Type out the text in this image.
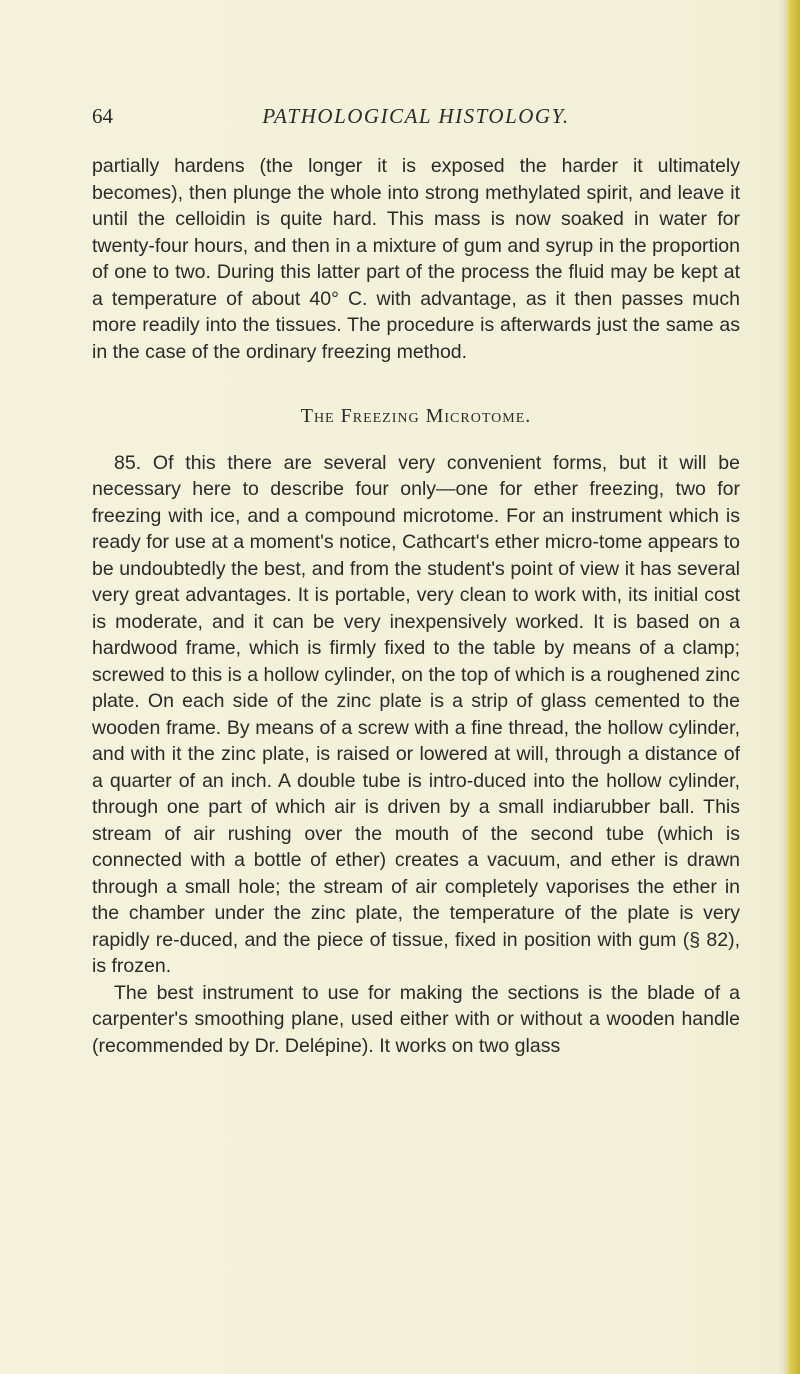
64	PATHOLOGICAL HISTOLOGY.

partially hardens (the longer it is exposed the harder it ultimately becomes), then plunge the whole into strong methylated spirit, and leave it until the celloidin is quite hard. This mass is now soaked in water for twenty-four hours, and then in a mixture of gum and syrup in the proportion of one to two. During this latter part of the process the fluid may be kept at a temperature of about 40° C. with advantage, as it then passes much more readily into the tissues. The procedure is afterwards just the same as in the case of the ordinary freezing method.

The Freezing Microtome.

85. Of this there are several very convenient forms, but it will be necessary here to describe four only—one for ether freezing, two for freezing with ice, and a compound microtome. For an instrument which is ready for use at a moment's notice, Cathcart's ether micro-tome appears to be undoubtedly the best, and from the student's point of view it has several very great advantages. It is portable, very clean to work with, its initial cost is moderate, and it can be very inexpensively worked. It is based on a hardwood frame, which is firmly fixed to the table by means of a clamp; screwed to this is a hollow cylinder, on the top of which is a roughened zinc plate. On each side of the zinc plate is a strip of glass cemented to the wooden frame. By means of a screw with a fine thread, the hollow cylinder, and with it the zinc plate, is raised or lowered at will, through a distance of a quarter of an inch. A double tube is intro-duced into the hollow cylinder, through one part of which air is driven by a small indiarubber ball. This stream of air rushing over the mouth of the second tube (which is connected with a bottle of ether) creates a vacuum, and ether is drawn through a small hole; the stream of air completely vaporises the ether in the chamber under the zinc plate, the temperature of the plate is very rapidly re-duced, and the piece of tissue, fixed in position with gum (§ 82), is frozen.

The best instrument to use for making the sections is the blade of a carpenter's smoothing plane, used either with or without a wooden handle (recommended by Dr. Delépine). It works on two glass
